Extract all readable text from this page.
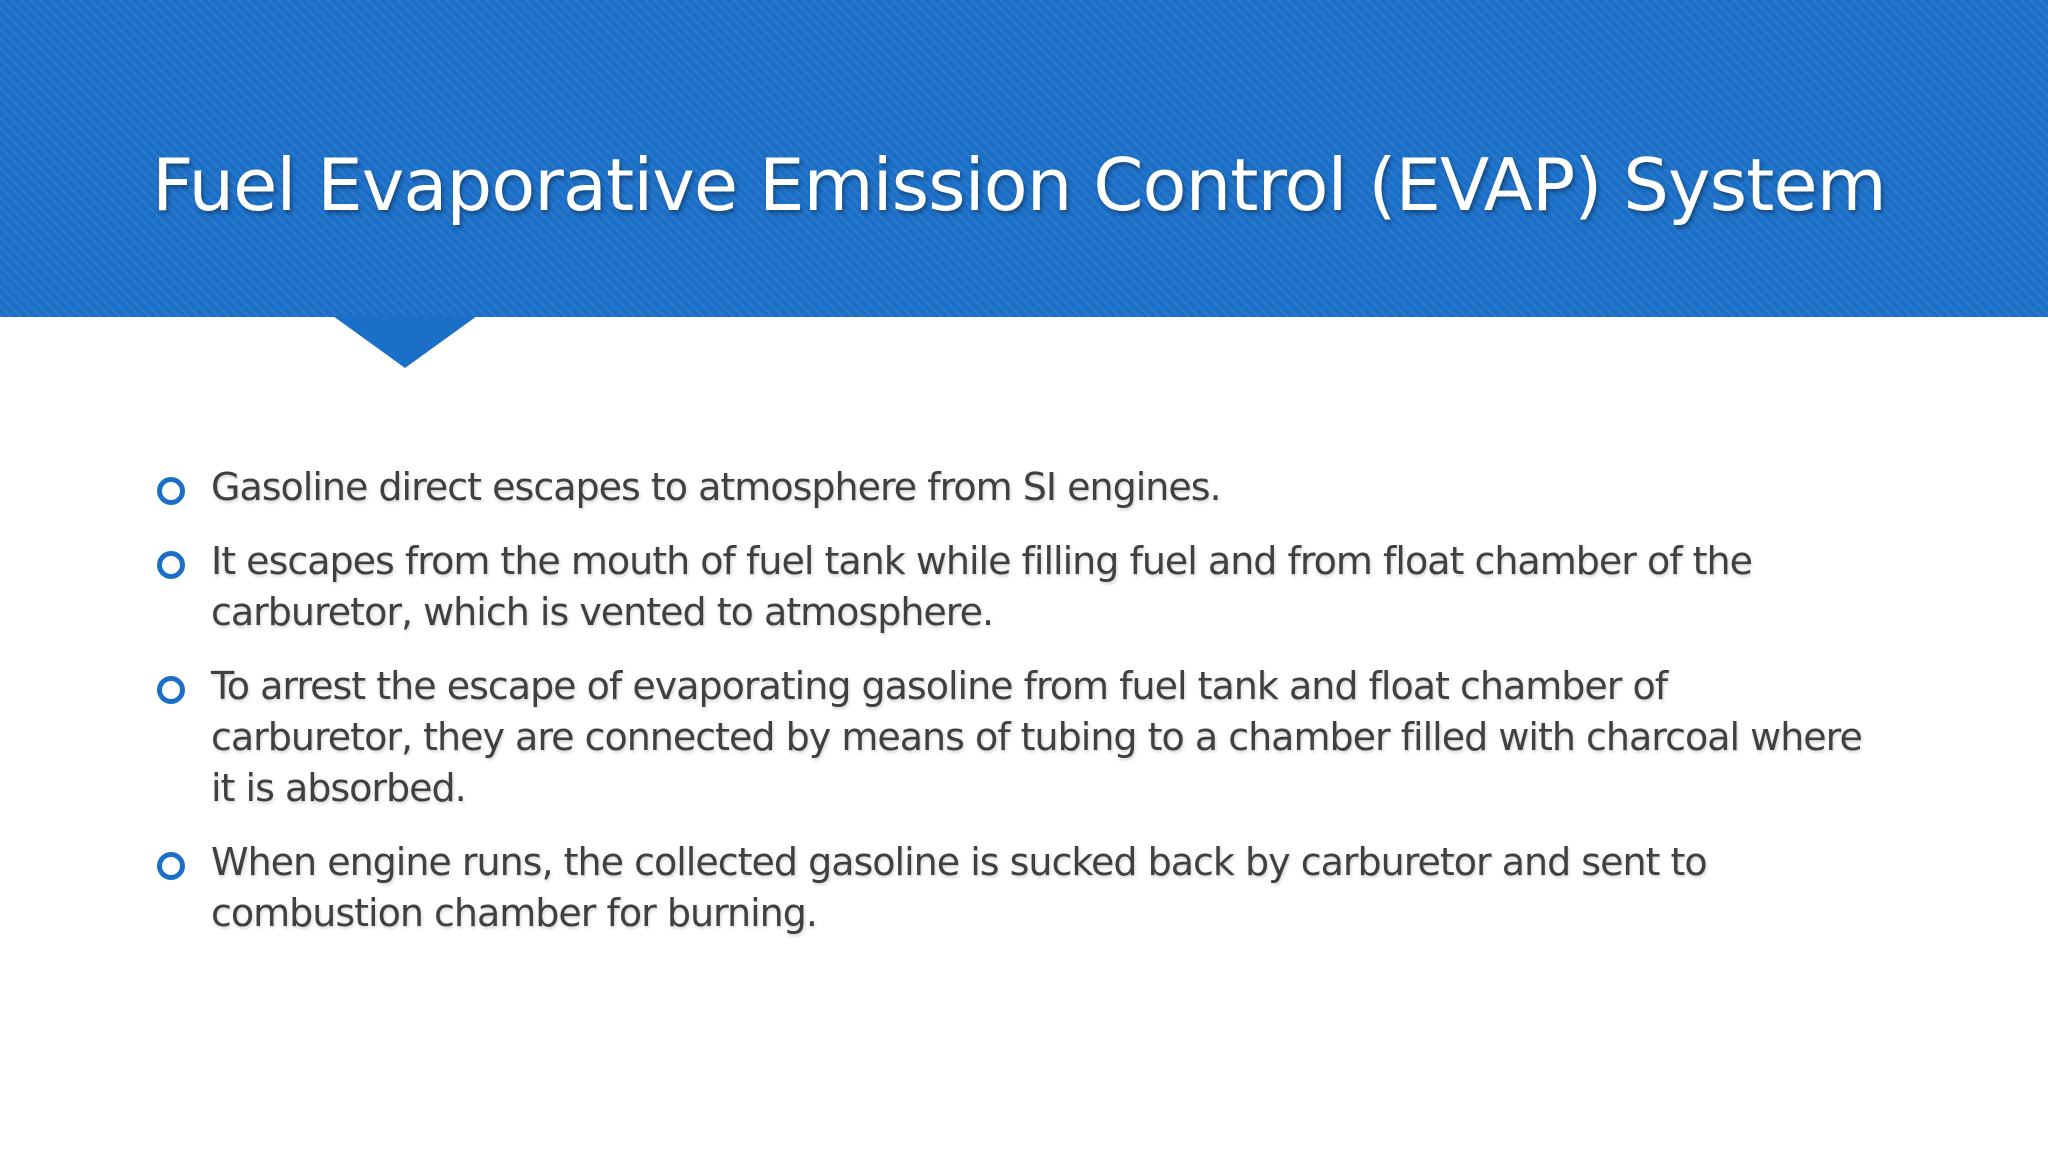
Fuel Evaporative Emission Control (EVAP) System
Gasoline direct escapes to atmosphere from SI engines.
It escapes from the mouth of fuel tank while filling fuel and from float chamber of the carburetor, which is vented to atmosphere.
To arrest the escape of evaporating gasoline from fuel tank and float chamber of carburetor, they are connected by means of tubing to a chamber filled with charcoal where it is absorbed.
When engine runs, the collected gasoline is sucked back by carburetor and sent to combustion chamber for burning.
